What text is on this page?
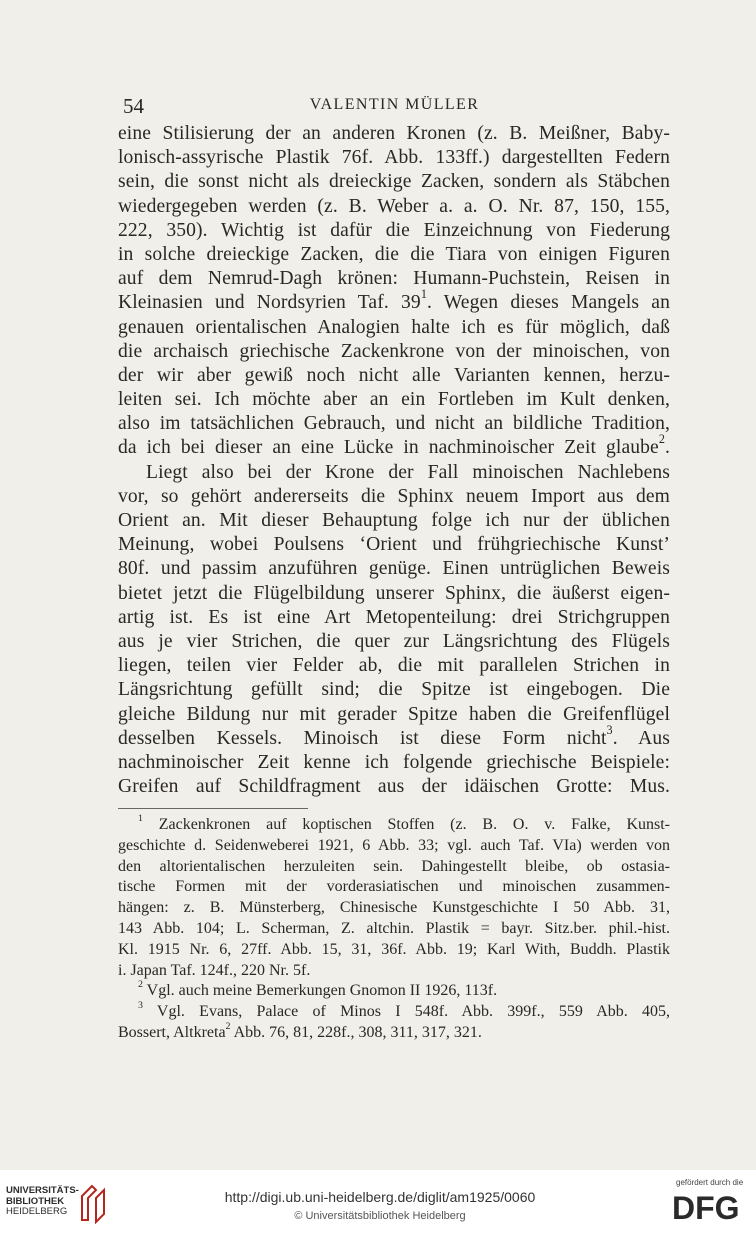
54	VALENTIN MÜLLER
eine Stilisierung der an anderen Kronen (z. B. Meißner, Baby-
lonisch-assyrische Plastik 76f. Abb. 133ff.) dargestellten Federn
sein, die sonst nicht als dreieckige Zacken, sondern als Stäbchen
wiedergegeben werden (z. B. Weber a. a. O. Nr. 87, 150, 155,
222, 350). Wichtig ist dafür die Einzeichnung von Fiederung
in solche dreieckige Zacken, die die Tiara von einigen Figuren
auf dem Nemrud-Dagh krönen: Humann-Puchstein, Reisen in
Kleinasien und Nordsyrien Taf. $39^1$. Wegen dieses Mangels an
genauen orientalischen Analogien halte ich es für möglich, daß
die archaisch griechische Zackenkrone von der minoischen, von
der wir aber gewiß noch nicht alle Varianten kennen, herzu-
leiten sei. Ich möchte aber an ein Fortleben im Kult denken,
also im tatsächlichen Gebrauch, und nicht an bildliche Tradition,
da ich bei dieser an eine Lücke in nachminoischer Zeit glaube$^2$.
Liegt also bei der Krone der Fall minoischen Nachlebens
vor, so gehört andererseits die Sphinx neuem Import aus dem
Orient an. Mit dieser Behauptung folge ich nur der üblichen
Meinung, wobei Poulsens ‘Orient und frühgriechische Kunst’
80f. und passim anzuführen genüge. Einen untrüglichen Beweis
bietet jetzt die Flügelbildung unserer Sphinx, die äußerst eigen-
artig ist. Es ist eine Art Metopenteilung: drei Strichgruppen
aus je vier Strichen, die quer zur Längsrichtung des Flügels
liegen, teilen vier Felder ab, die mit parallelen Strichen in
Längsrichtung gefüllt sind; die Spitze ist eingebogen. Die
gleiche Bildung nur mit gerader Spitze haben die Greifenflügel
desselben Kessels. Minoisch ist diese Form nicht$^3$. Aus
nachminoischer Zeit kenne ich folgende griechische Beispiele:
Greifen auf Schildfragment aus der idäischen Grotte: Mus.
$^1$ Zackenkronen auf koptischen Stoffen (z. B. O. v. Falke, Kunst-
geschichte d. Seidenweberei 1921, 6 Abb. 33; vgl. auch Taf. VIa) werden von
den altorientalischen herzuleiten sein. Dahingestellt bleibe, ob ostasia-
tische Formen mit der vorderasiatischen und minoischen zusammen-
hängen: z. B. Münsterberg, Chinesische Kunstgeschichte I 50 Abb. 31,
143 Abb. 104; L. Scherman, Z. altchin. Plastik = bayr. Sitz.ber. phil.-hist.
Kl. 1915 Nr. 6, 27ff. Abb. 15, 31, 36f. Abb. 19; Karl With, Buddh. Plastik
i. Japan Taf. 124f., 220 Nr. 5f.
$^2$ Vgl. auch meine Bemerkungen Gnomon II 1926, 113f.
$^3$ Vgl. Evans, Palace of Minos I 548f. Abb. 399f., 559 Abb. 405,
Bossert, Altkreta$^2$ Abb. 76, 81, 228f., 308, 311, 317, 321.
UNIVERSITÄTS-
BIBLIOTHEK
HEIDELBERG
http://digi.ub.uni-heidelberg.de/diglit/am1925/0060
© Universitätsbibliothek Heidelberg
gefördert durch die
DFG
